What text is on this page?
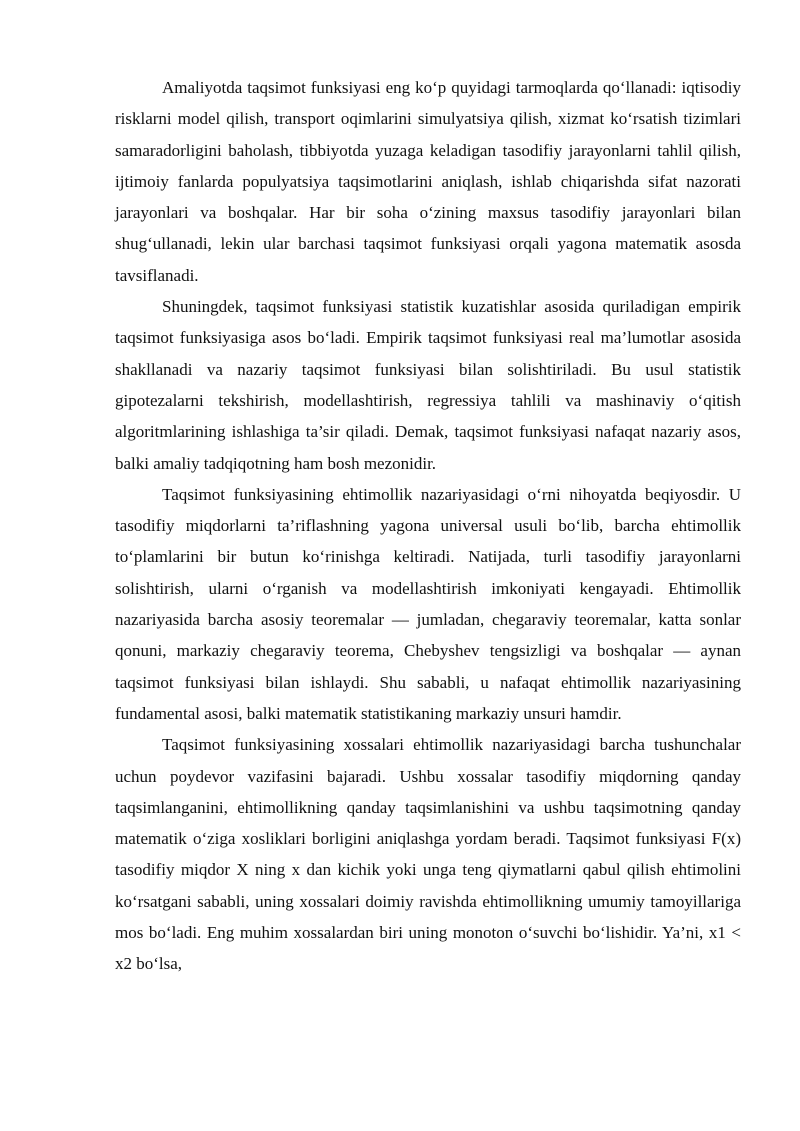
Amaliyotda taqsimot funksiyasi eng ko‘p quyidagi tarmoqlarda qo‘llanadi: iqtisodiy risklarni model qilish, transport oqimlarini simulyatsiya qilish, xizmat ko‘rsatish tizimlari samaradorligini baholash, tibbiyotda yuzaga keladigan tasodifiy jarayonlarni tahlil qilish, ijtimoiy fanlarda populyatsiya taqsimotlarini aniqlash, ishlab chiqarishda sifat nazorati jarayonlari va boshqalar. Har bir soha o‘zining maxsus tasodifiy jarayonlari bilan shug‘ullanadi, lekin ular barchasi taqsimot funksiyasi orqali yagona matematik asosda tavsiflanadi.

Shuningdek, taqsimot funksiyasi statistik kuzatishlar asosida quriladigan empirik taqsimot funksiyasiga asos bo‘ladi. Empirik taqsimot funksiyasi real ma’lumotlar asosida shakllanadi va nazariy taqsimot funksiyasi bilan solishtiriladi. Bu usul statistik gipotezalarni tekshirish, modellashtirish, regressiya tahlili va mashinaviy o‘qitish algoritmlarining ishlashiga ta’sir qiladi. Demak, taqsimot funksiyasi nafaqat nazariy asos, balki amaliy tadqiqotning ham bosh mezonidir.

Taqsimot funksiyasining ehtimollik nazariyasidagi o‘rni nihoyatda beqiyosdir. U tasodifiy miqdorlarni ta’riflashning yagona universal usuli bo‘lib, barcha ehtimollik to‘plamlarini bir butun ko‘rinishga keltiradi. Natijada, turli tasodifiy jarayonlarni solishtirish, ularni o‘rganish va modellashtirish imkoniyati kengayadi. Ehtimollik nazariyasida barcha asosiy teoremalar — jumladan, chegaraviy teoremalar, katta sonlar qonuni, markaziy chegaraviy teorema, Chebyshev tengsizligi va boshqalar — aynan taqsimot funksiyasi bilan ishlaydi. Shu sababli, u nafaqat ehtimollik nazariyasining fundamental asosi, balki matematik statistikaning markaziy unsuri hamdir.

Taqsimot funksiyasining xossalari ehtimollik nazariyasidagi barcha tushunchalar uchun poydevor vazifasini bajaradi. Ushbu xossalar tasodifiy miqdorning qanday taqsimlanganini, ehtimollikning qanday taqsimlanishini va ushbu taqsimotning qanday matematik o‘ziga xosliklari borligini aniqlashga yordam beradi. Taqsimot funksiyasi F(x) tasodifiy miqdor X ning x dan kichik yoki unga teng qiymatlarni qabul qilish ehtimolini ko‘rsatgani sababli, uning xossalari doimiy ravishda ehtimollikning umumiy tamoyillariga mos bo‘ladi. Eng muhim xossalardan biri uning monoton o‘suvchi bo‘lishidir. Ya’ni, x1 < x2 bo‘lsa,
